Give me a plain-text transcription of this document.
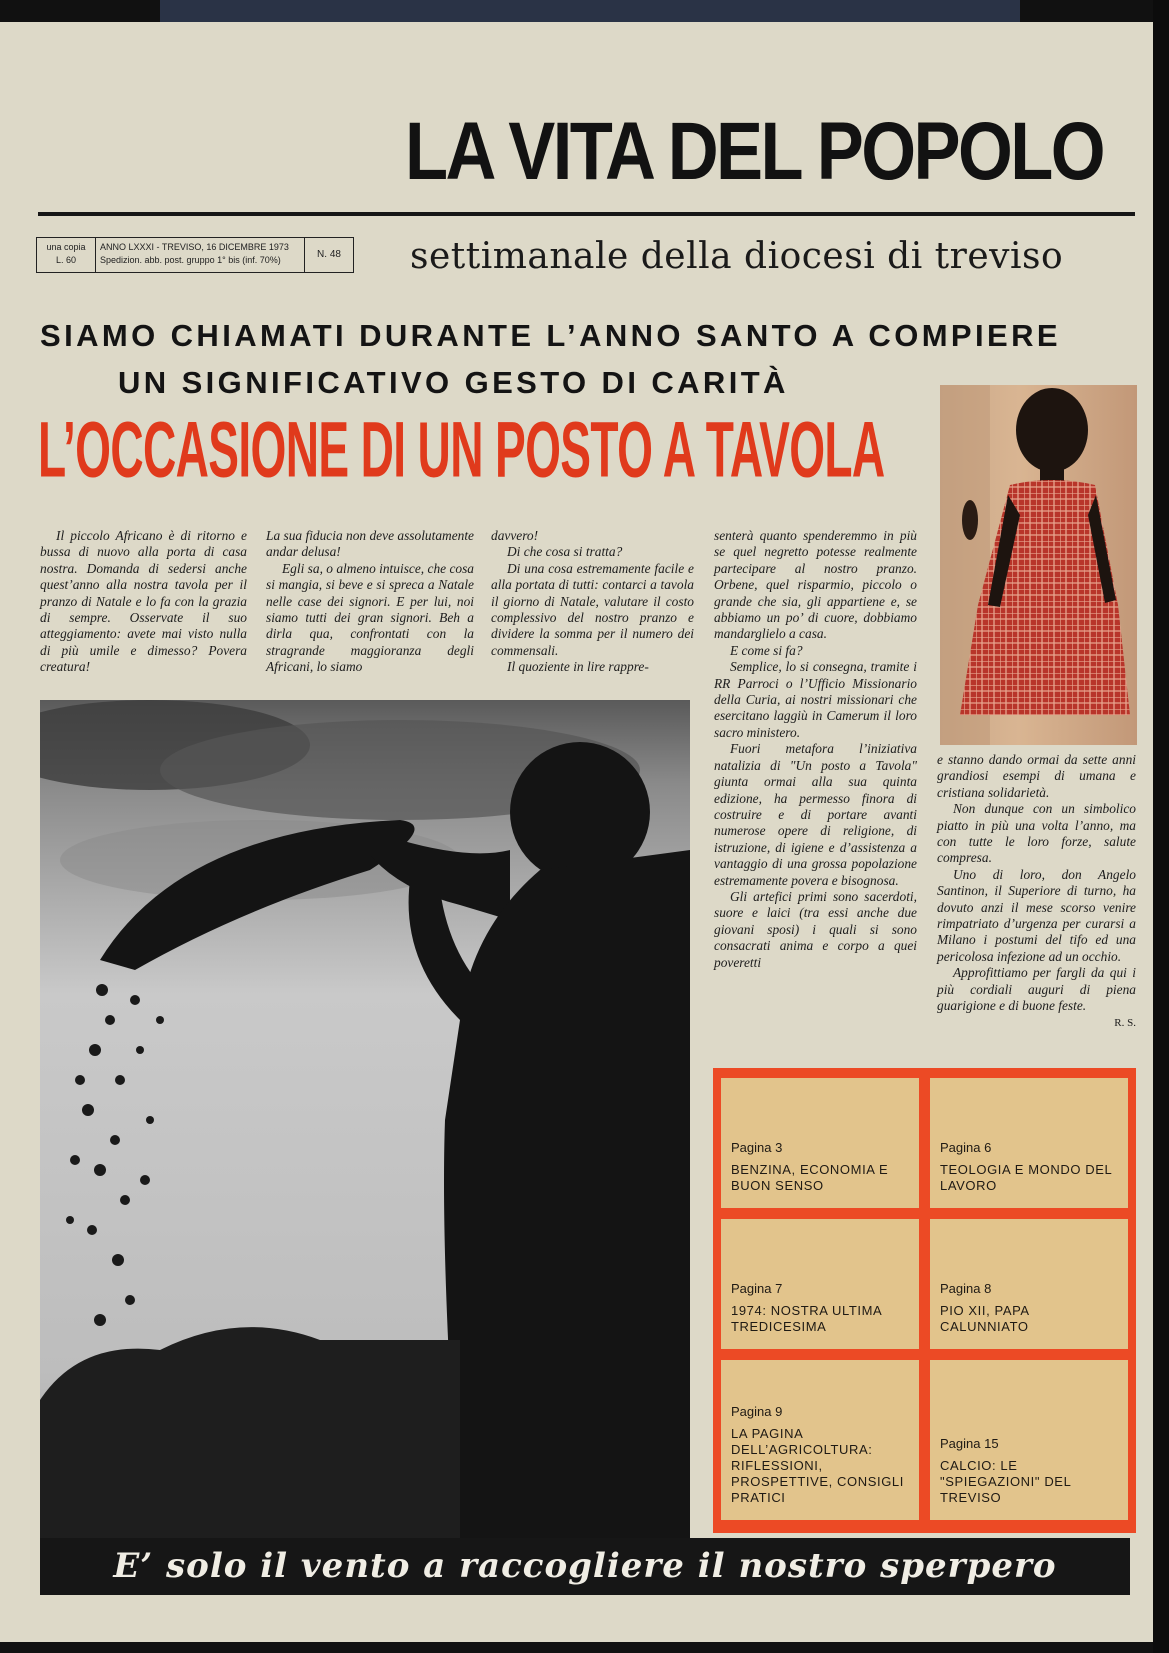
LA VITA DEL POPOLO
una copia
L. 60
ANNO LXXXI - TREVISO, 16 DICEMBRE 1973
Spedizion. abb. post. gruppo 1° bis (inf. 70%)	N. 48	settimanale della diocesi di treviso
SIAMO CHIAMATI DURANTE L’ANNO SANTO A COMPIERE
UN SIGNIFICATIVO GESTO DI CARITÀ
L’OCCASIONE DI UN POSTO A TAVOLA

Il piccolo Africano è di ritorno e bussa di nuovo alla porta di casa nostra. Domanda di sedersi anche quest’anno alla nostra tavola per il pranzo di Natale e lo fa con la grazia di sempre. Osservate il suo atteggiamento: avete mai visto nulla di più umile e dimesso? Povera creatura!

La sua fiducia non deve assolutamente andar delusa!

Egli sa, o almeno intuisce, che cosa si mangia, si beve e si spreca a Natale nelle case dei signori. E per lui, noi siamo tutti dei gran signori. Beh a dirla qua, confrontati con la stragrande maggioranza degli Africani, lo siamo

davvero!

Di che cosa si tratta?

Di una cosa estremamente facile e alla portata di tutti: contarci a tavola il giorno di Natale, valutare il costo complessivo del nostro pranzo e dividere la somma per il numero dei commensali.

Il quoziente in lire rappre-

senterà quanto spenderemmo in più se quel negretto potesse realmente partecipare al nostro pranzo. Orbene, quel risparmio, piccolo o grande che sia, gli appartiene e, se abbiamo un po’ di cuore, dobbiamo mandarglielo a casa.

E come si fa?

Semplice, lo si consegna, tramite i RR Parroci o l’Ufficio Missionario della Curia, ai nostri missionari che esercitano laggiù in Camerum il loro sacro ministero.

Fuori metafora l’iniziativa natalizia di "Un posto a Tavola" giunta ormai alla sua quinta edizione, ha permesso finora di costruire e di portare avanti numerose opere di religione, di istruzione, di igiene e d’assistenza a vantaggio di una grossa popolazione estremamente povera e bisognosa.

Gli artefici primi sono sacerdoti, suore e laici (tra essi anche due giovani sposi) i quali si sono consacrati anima e corpo a quei poveretti

e stanno dando ormai da sette anni grandiosi esempi di umana e cristiana solidarietà.

Non dunque con un simbolico piatto in più una volta l’anno, ma con tutte le loro forze, salute compresa.

Uno di loro, don Angelo Santinon, il Superiore di turno, ha dovuto anzi il mese scorso venire rimpatriato d’urgenza per curarsi a Milano i postumi del tifo ed una pericolosa infezione ad un occhio.

Approfittiamo per fargli da qui i più cordiali auguri di piena guarigione e di buone feste.

R. S.

Pagina 3
BENZINA, ECONOMIA E BUON SENSO
Pagina 6
TEOLOGIA E MONDO DEL LAVORO
Pagina 7
1974: NOSTRA ULTIMA TREDICESIMA
Pagina 8
PIO XII, PAPA CALUNNIATO
Pagina 9
LA PAGINA DELL’AGRICOLTURA: RIFLESSIONI, PROSPETTIVE, CONSIGLI PRATICI
Pagina 15
CALCIO: LE "SPIEGAZIONI" DEL TREVISO
E’ solo il vento a raccogliere il nostro sperpero
